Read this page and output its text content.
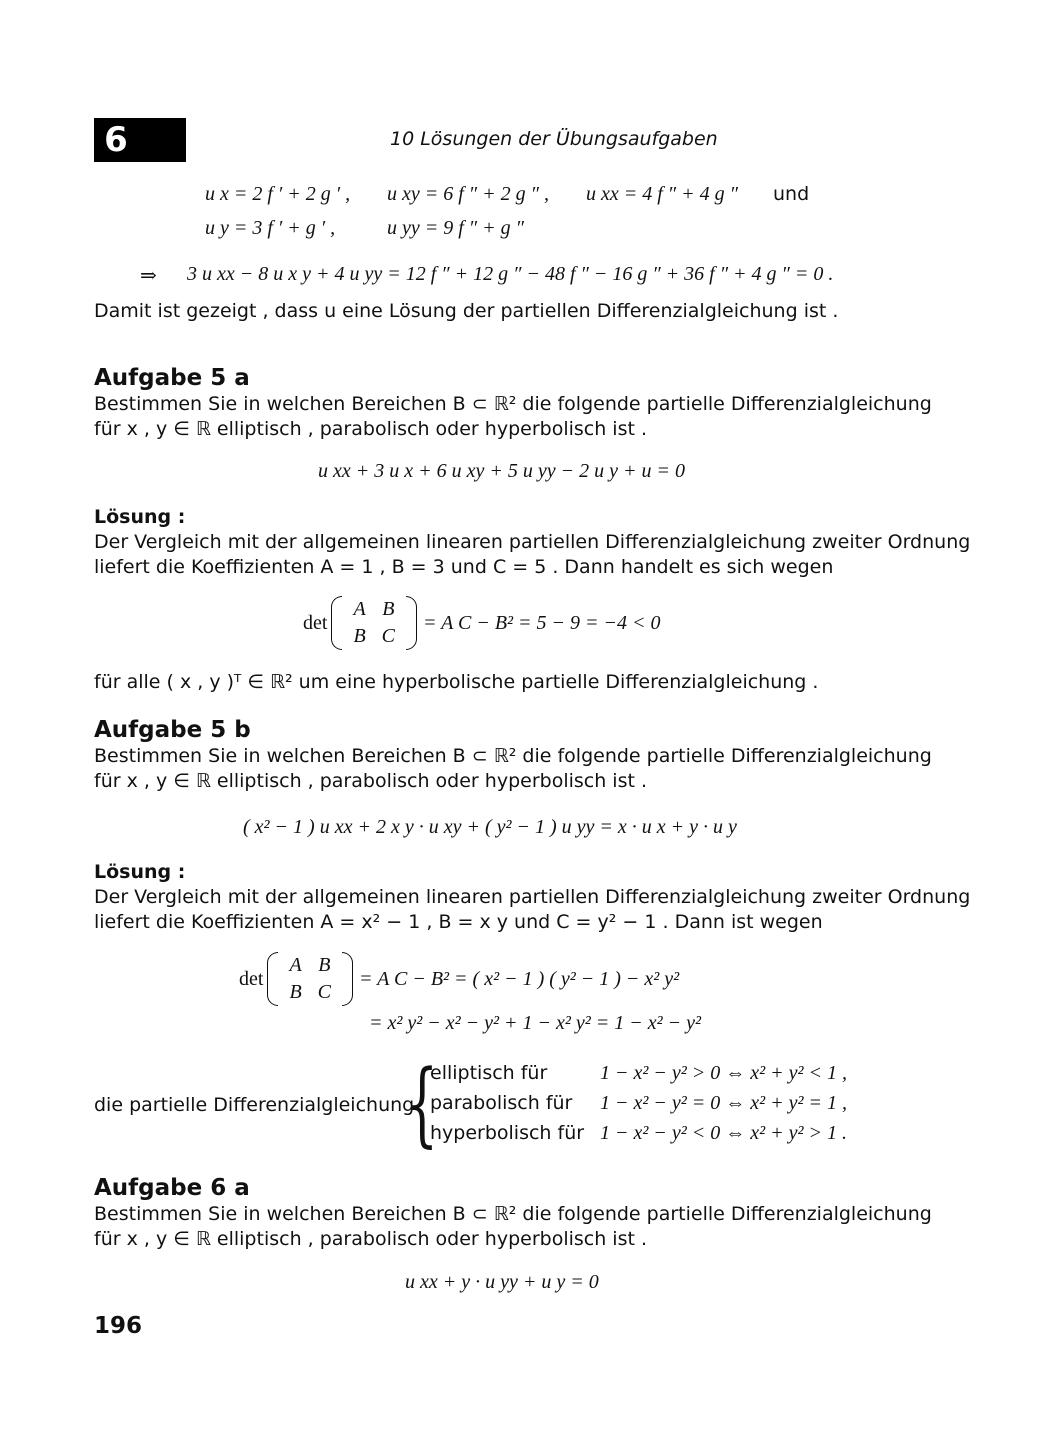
6	10 Lösungen der Übungsaufgaben
u x = 2 f ′ + 2 g ′ , u xy = 6 f ″ + 2 g ″ , u xx = 4 f ″ + 4 g ″ und
u y = 3 f ′ + g ′ ,	u yy = 9 f ″ + g ″
⇒ 3 u xx − 8 u x y + 4 u yy = 12 f ″ + 12 g ″ − 48 f ″ − 16 g ″ + 36 f ″ + 4 g ″ = 0 .
Damit ist gezeigt , dass u eine Lösung der partiellen Differenzialgleichung ist .
Aufgabe 5 a
Bestimmen Sie in welchen Bereichen B ⊂ ℝ² die folgende partielle Differenzialgleichung
für x , y ∈ ℝ elliptisch , parabolisch oder hyperbolisch ist .
u xx + 3 u x + 6 u xy + 5 u yy − 2 u y + u = 0
Lösung :
Der Vergleich mit der allgemeinen linearen partiellen Differenzialgleichung zweiter Ordnung
liefert die Koeffizienten A = 1 , B = 3 und C = 5 . Dann handelt es sich wegen
det
A	B
B	C
= A C − B² = 5 − 9 = −4 < 0
für alle ( x , y )ᵀ ∈ ℝ² um eine hyperbolische partielle Differenzialgleichung .
Aufgabe 5 b
Bestimmen Sie in welchen Bereichen B ⊂ ℝ² die folgende partielle Differenzialgleichung
für x , y ∈ ℝ elliptisch , parabolisch oder hyperbolisch ist .
( x² − 1 ) u xx + 2 x y · u xy + ( y² − 1 ) u yy = x · u x + y · u y
Lösung :
Der Vergleich mit der allgemeinen linearen partiellen Differenzialgleichung zweiter Ordnung
liefert die Koeffizienten A = x² − 1 , B = x y und C = y² − 1 . Dann ist wegen
det
A	B
B	C
= A C − B² = ( x² − 1 ) ( y² − 1 ) − x² y²
= x² y² − x² − y² + 1 − x² y² = 1 − x² − y²
die partielle Differenzialgleichung
{
elliptisch für	1 − x² − y² > 0 ⇔ x² + y² < 1 ,
parabolisch für	1 − x² − y² = 0 ⇔ x² + y² = 1 ,
hyperbolisch für 1 − x² − y² < 0 ⇔ x² + y² > 1 .
Aufgabe 6 a
Bestimmen Sie in welchen Bereichen B ⊂ ℝ² die folgende partielle Differenzialgleichung
für x , y ∈ ℝ elliptisch , parabolisch oder hyperbolisch ist .
u xx + y · u yy + u y = 0
196
